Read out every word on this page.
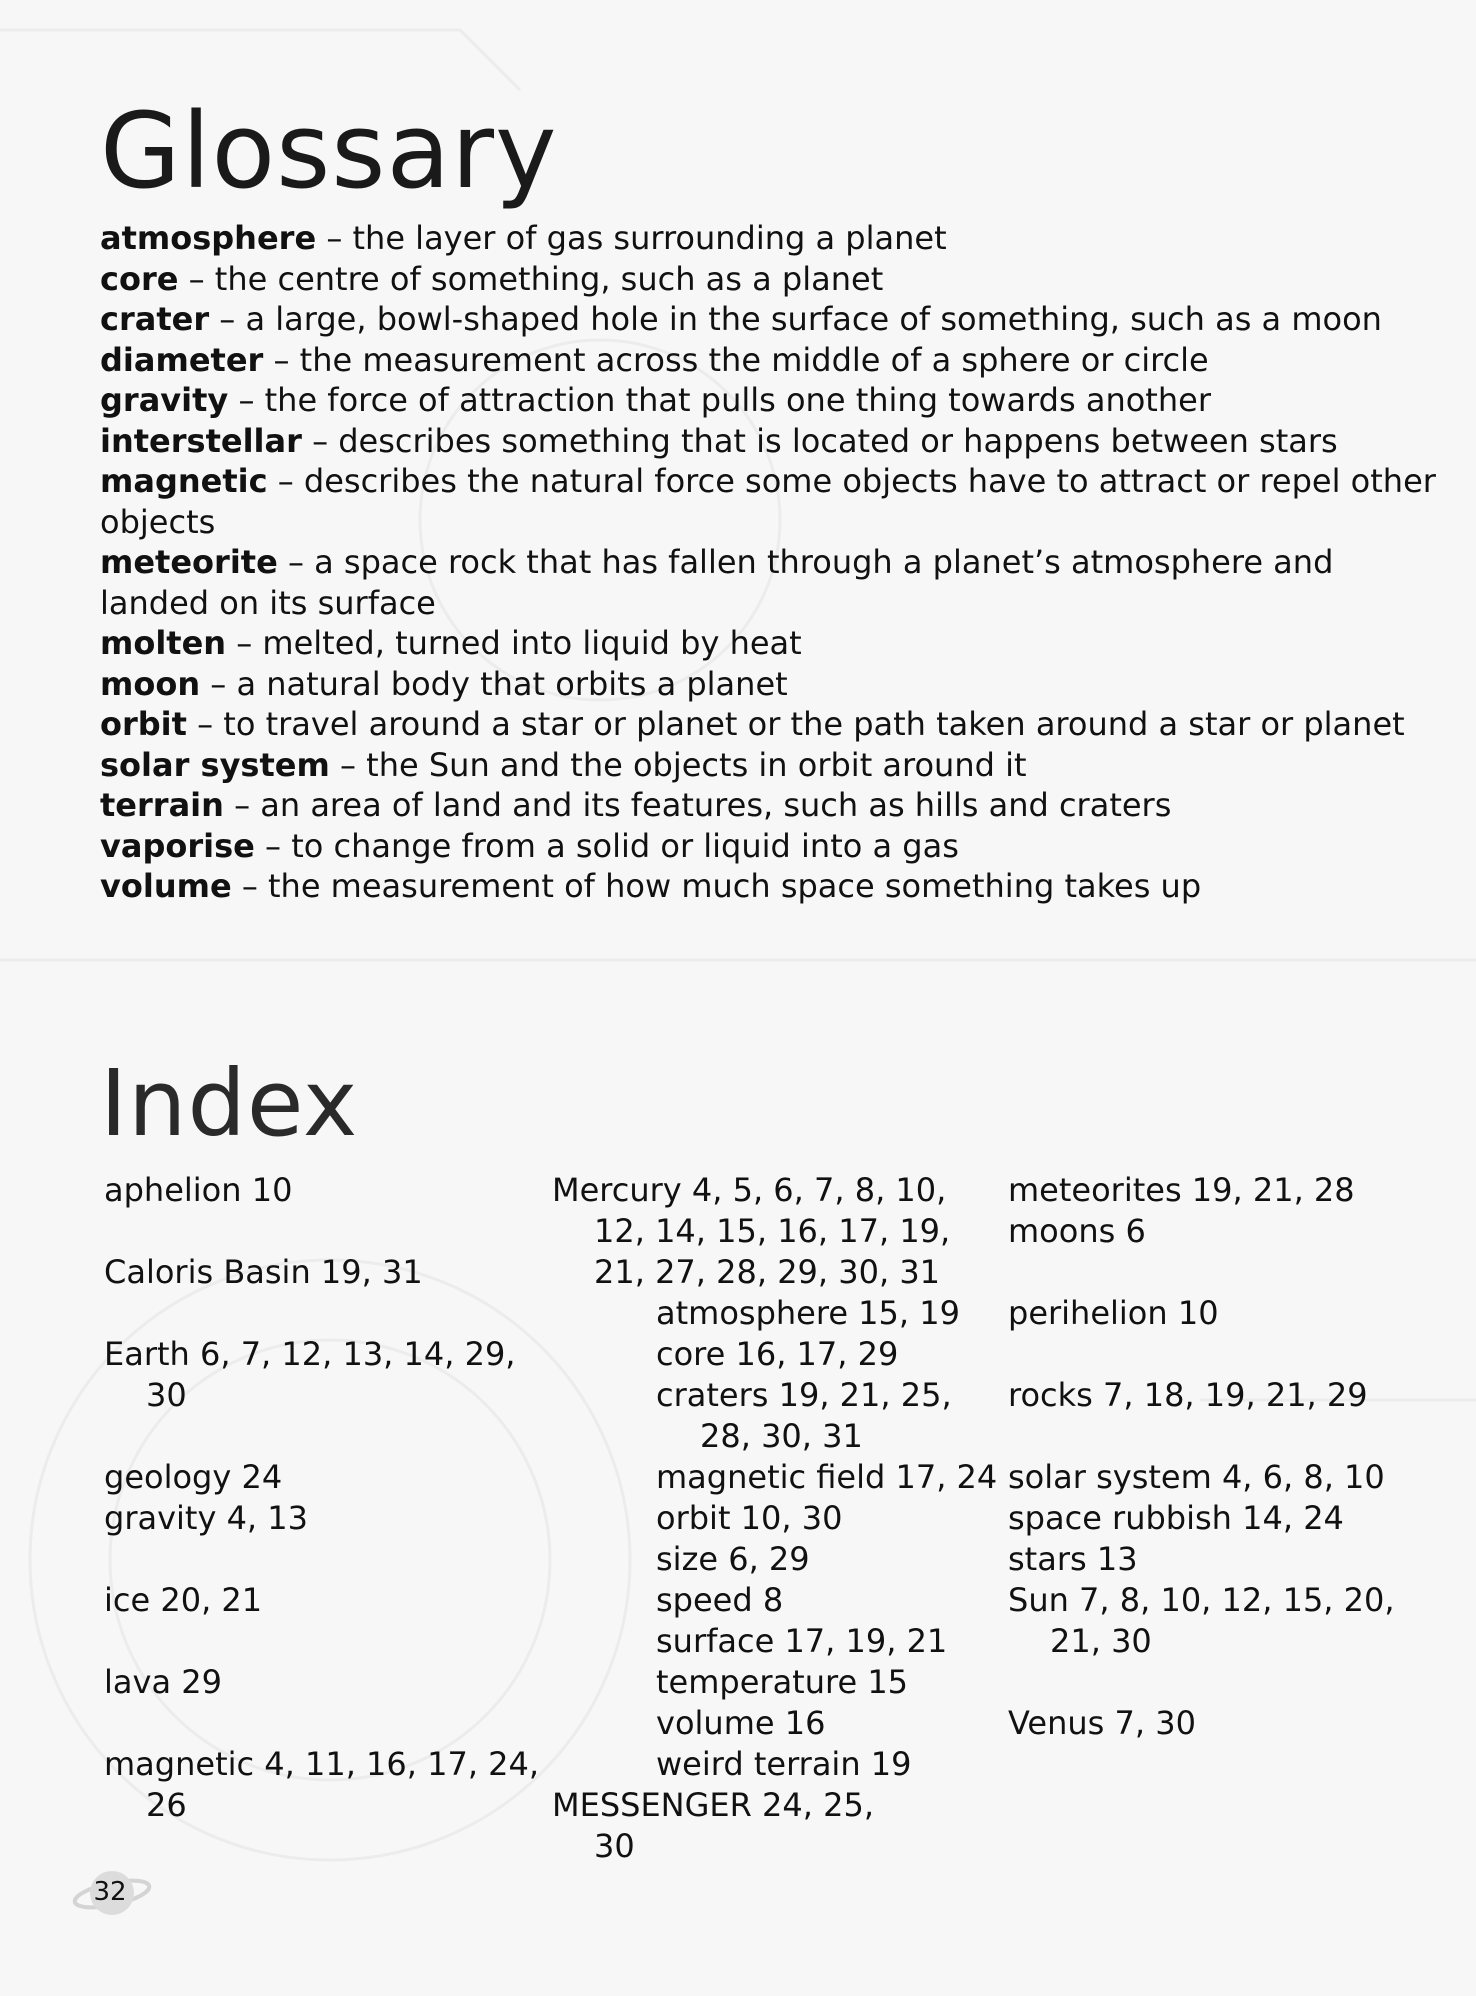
Glossary
atmosphere – the layer of gas surrounding a planet
core – the centre of something, such as a planet
crater – a large, bowl-shaped hole in the surface of something, such as a moon
diameter – the measurement across the middle of a sphere or circle
gravity – the force of attraction that pulls one thing towards another
interstellar – describes something that is located or happens between stars
magnetic – describes the natural force some objects have to attract or repel other objects
meteorite – a space rock that has fallen through a planet’s atmosphere and landed on its surface
molten – melted, turned into liquid by heat
moon – a natural body that orbits a planet
orbit – to travel around a star or planet or the path taken around a star or planet
solar system – the Sun and the objects in orbit around it
terrain – an area of land and its features, such as hills and craters
vaporise – to change from a solid or liquid into a gas
volume – the measurement of how much space something takes up
Index
aphelion 10
Caloris Basin 19, 31
Earth 6, 7, 12, 13, 14, 29,
30
geology 24
gravity 4, 13
ice 20, 21
lava 29
magnetic 4, 11, 16, 17, 24,
26
Mercury 4, 5, 6, 7, 8, 10,
12, 14, 15, 16, 17, 19,
21, 27, 28, 29, 30, 31
atmosphere 15, 19
core 16, 17, 29
craters 19, 21, 25,
28, 30, 31
magnetic field 17, 24
orbit 10, 30
size 6, 29
speed 8
surface 17, 19, 21
temperature 15
volume 16
weird terrain 19
MESSENGER 24, 25,
30
meteorites 19, 21, 28
moons 6
perihelion 10
rocks 7, 18, 19, 21, 29
solar system 4, 6, 8, 10
space rubbish 14, 24
stars 13
Sun 7, 8, 10, 12, 15, 20,
21, 30
Venus 7, 30
32
